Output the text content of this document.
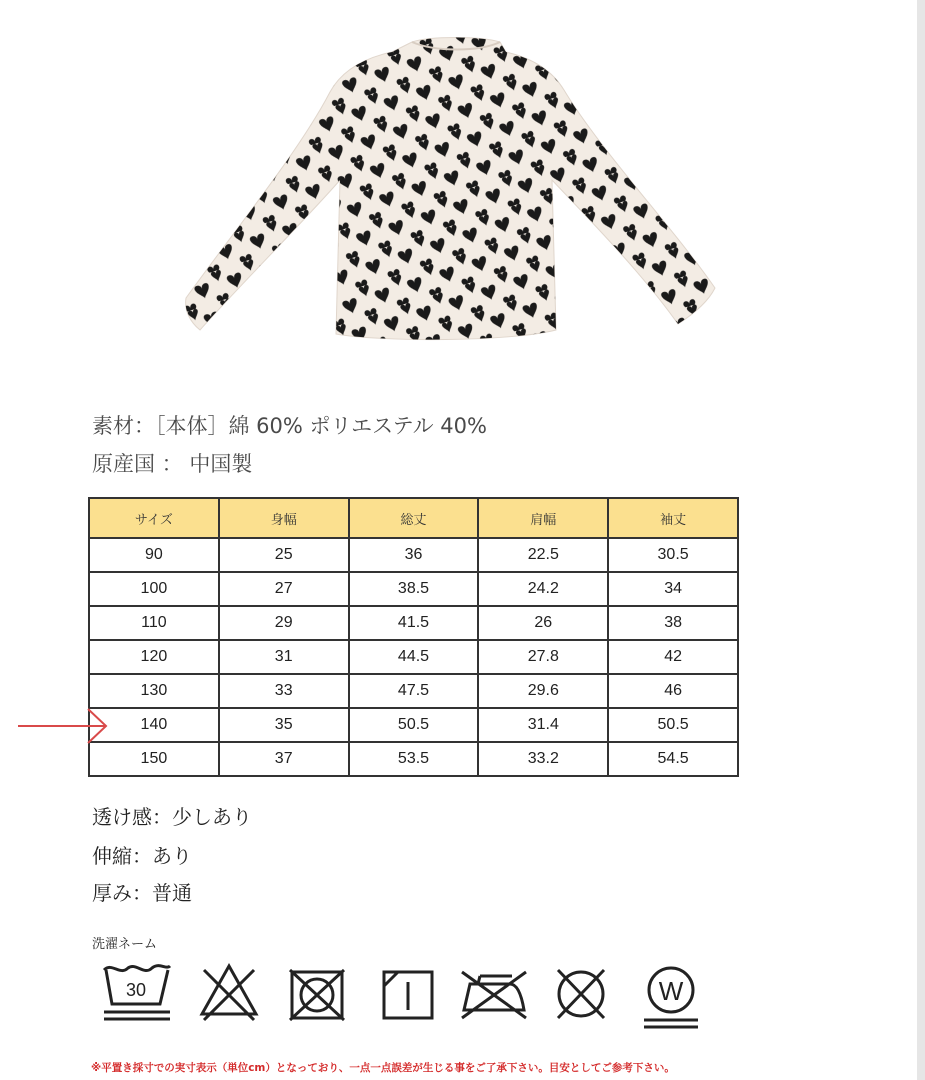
素材：［本体］綿 60% ポリエステル 40%
原産国 ： 中国製
サイズ	身幅	総丈	肩幅	袖丈
90	25	36	22.5	30.5
100	27	38.5	24.2	34
110	29	41.5	26	38
120	31	44.5	27.8	42
130	33	47.5	29.6	46
140	35	50.5	31.4	50.5
150	37	53.5	33.2	54.5
透け感：少しあり
伸縮：あり
厚み：普通
洗濯ネーム
30	W
※平置き採寸での実寸表示（単位cm）となっており、一点一点誤差が生じる事をご了承下さい。目安としてご参考下さい。
